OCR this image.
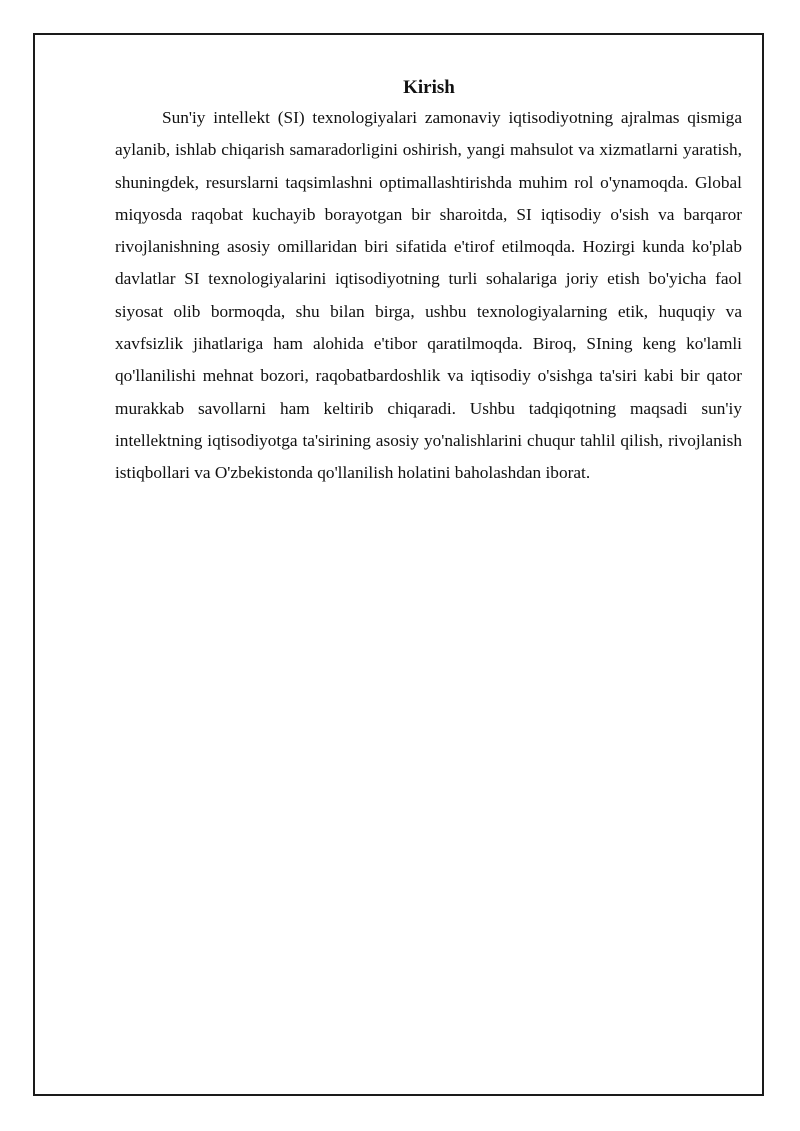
Kirish

Sun'iy intellekt (SI) texnologiyalari zamonaviy iqtisodiyotning ajralmas qismiga aylanib, ishlab chiqarish samaradorligini oshirish, yangi mahsulot va xizmatlarni yaratish, shuningdek, resurslarni taqsimlashni optimallashtirishda muhim rol o'ynamoqda. Global miqyosda raqobat kuchayib borayotgan bir sharoitda, SI iqtisodiy o'sish va barqaror rivojlanishning asosiy omillaridan biri sifatida e'tirof etilmoqda. Hozirgi kunda ko'plab davlatlar SI texnologiyalarini iqtisodiyotning turli sohalariga joriy etish bo'yicha faol siyosat olib bormoqda, shu bilan birga, ushbu texnologiyalarning etik, huquqiy va xavfsizlik jihatlariga ham alohida e'tibor qaratilmoqda. Biroq, SIning keng ko'lamli qo'llanilishi mehnat bozori, raqobatbardoshlik va iqtisodiy o'sishga ta'siri kabi bir qator murakkab savollarni ham keltirib chiqaradi. Ushbu tadqiqotning maqsadi sun'iy intellektning iqtisodiyotga ta'sirining asosiy yo'nalishlarini chuqur tahlil qilish, rivojlanish istiqbollari va O'zbekistonda qo'llanilish holatini baholashdan iborat.
